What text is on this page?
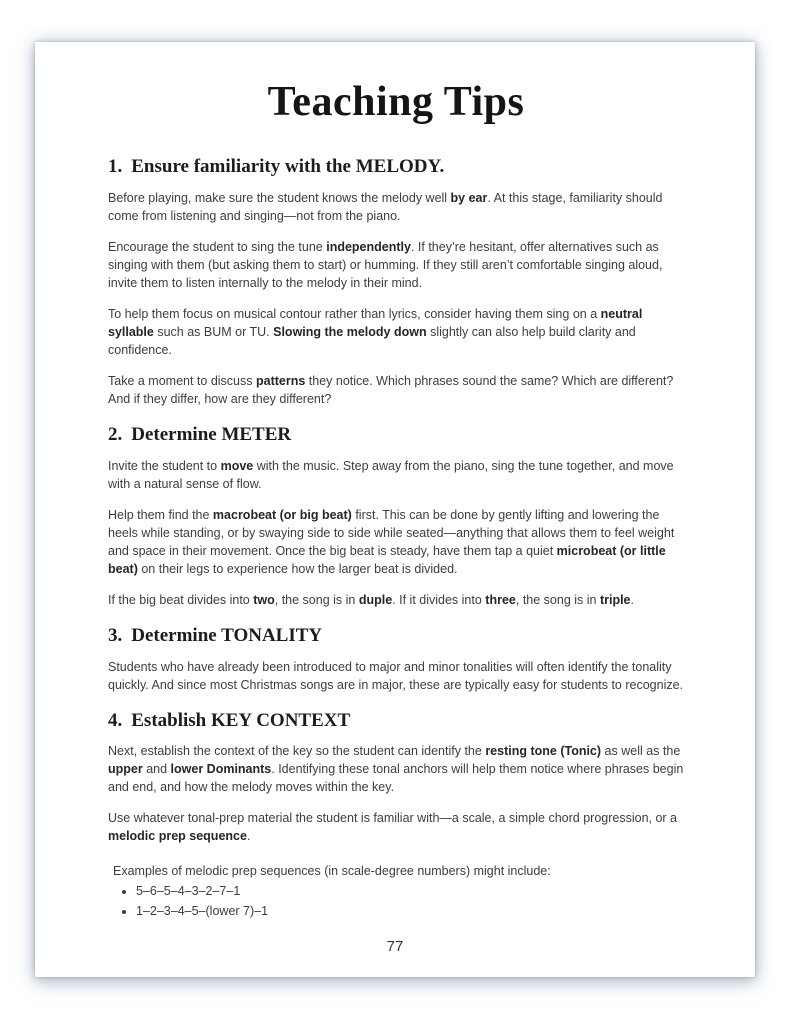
Teaching Tips
1. Ensure familiarity with the MELODY.

Before playing, make sure the student knows the melody well by ear. At this stage, familiarity should come from listening and singing—not from the piano.

Encourage the student to sing the tune independently. If they’re hesitant, offer alternatives such as singing with them (but asking them to start) or humming. If they still aren’t comfortable singing aloud, invite them to listen internally to the melody in their mind.

To help them focus on musical contour rather than lyrics, consider having them sing on a neutral syllable such as BUM or TU. Slowing the melody down slightly can also help build clarity and confidence.

Take a moment to discuss patterns they notice. Which phrases sound the same? Which are different? And if they differ, how are they different?

2. Determine METER

Invite the student to move with the music. Step away from the piano, sing the tune together, and move with a natural sense of flow.

Help them find the macrobeat (or big beat) first. This can be done by gently lifting and lowering the heels while standing, or by swaying side to side while seated—anything that allows them to feel weight and space in their movement. Once the big beat is steady, have them tap a quiet microbeat (or little beat) on their legs to experience how the larger beat is divided.

If the big beat divides into two, the song is in duple. If it divides into three, the song is in triple.

3. Determine TONALITY

Students who have already been introduced to major and minor tonalities will often identify the tonality quickly. And since most Christmas songs are in major, these are typically easy for students to recognize.

4. Establish KEY CONTEXT

Next, establish the context of the key so the student can identify the resting tone (Tonic) as well as the upper and lower Dominants. Identifying these tonal anchors will help them notice where phrases begin and end, and how the melody moves within the key.

Use whatever tonal-prep material the student is familiar with—a scale, a simple chord progression, or a melodic prep sequence.

Examples of melodic prep sequences (in scale-degree numbers) might include:

• 5–6–5–4–3–2–7–1
• 1–2–3–4–5–(lower 7)–1
77
